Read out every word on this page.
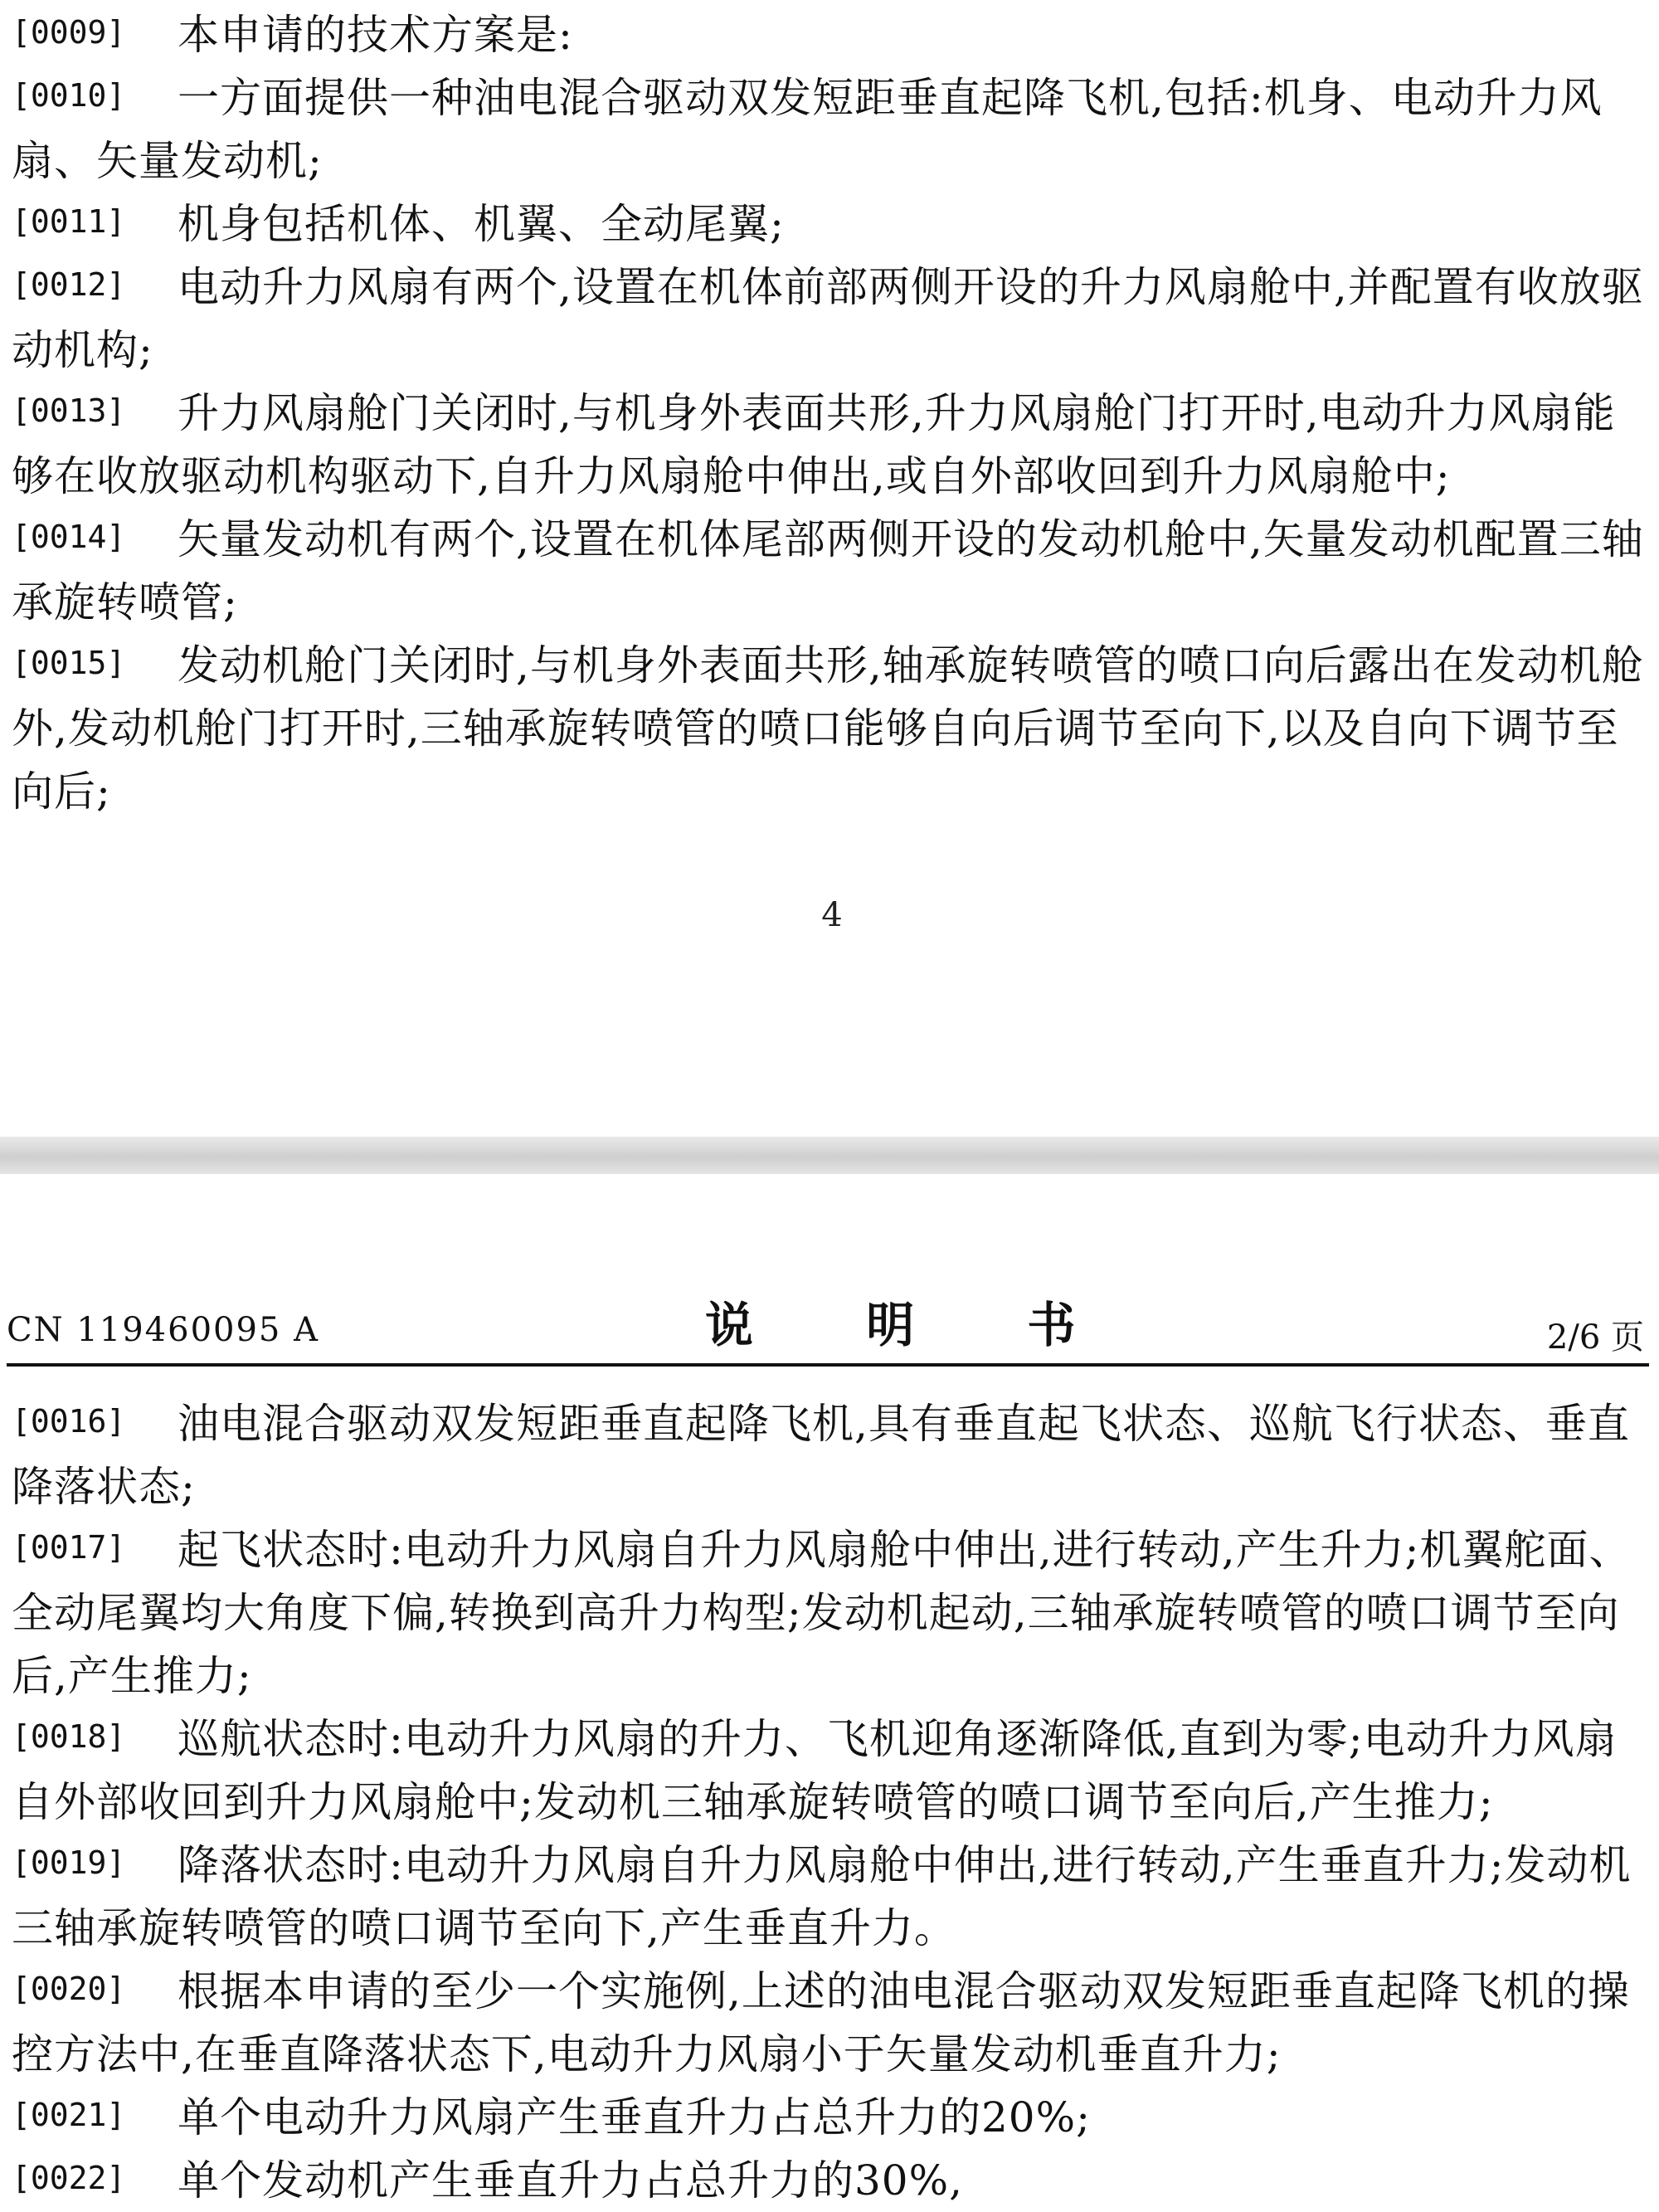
[0009] 本申请的技术方案是:

[0010] 一方面提供一种油电混合驱动双发短距垂直起降飞机,包括:机身、电动升力风扇、矢量发动机;

[0011] 机身包括机体、机翼、全动尾翼;

[0012] 电动升力风扇有两个,设置在机体前部两侧开设的升力风扇舱中,并配置有收放驱动机构;

[0013] 升力风扇舱门关闭时,与机身外表面共形,升力风扇舱门打开时,电动升力风扇能够在收放驱动机构驱动下,自升力风扇舱中伸出,或自外部收回到升力风扇舱中;

[0014] 矢量发动机有两个,设置在机体尾部两侧开设的发动机舱中,矢量发动机配置三轴承旋转喷管;

[0015] 发动机舱门关闭时,与机身外表面共形,轴承旋转喷管的喷口向后露出在发动机舱外,发动机舱门打开时,三轴承旋转喷管的喷口能够自向后调节至向下,以及自向下调节至向后;

4
CN 119460095 A	说 明 书	2/6 页

[0016] 油电混合驱动双发短距垂直起降飞机,具有垂直起飞状态、巡航飞行状态、垂直降落状态;

[0017] 起飞状态时:电动升力风扇自升力风扇舱中伸出,进行转动,产生升力;机翼舵面、全动尾翼均大角度下偏,转换到高升力构型;发动机起动,三轴承旋转喷管的喷口调节至向后,产生推力;

[0018] 巡航状态时:电动升力风扇的升力、飞机迎角逐渐降低,直到为零;电动升力风扇自外部收回到升力风扇舱中;发动机三轴承旋转喷管的喷口调节至向后,产生推力;

[0019] 降落状态时:电动升力风扇自升力风扇舱中伸出,进行转动,产生垂直升力;发动机三轴承旋转喷管的喷口调节至向下,产生垂直升力。

[0020] 根据本申请的至少一个实施例,上述的油电混合驱动双发短距垂直起降飞机的操控方法中,在垂直降落状态下,电动升力风扇小于矢量发动机垂直升力;

[0021] 单个电动升力风扇产生垂直升力占总升力的20%;

[0022] 单个发动机产生垂直升力占总升力的30%,
